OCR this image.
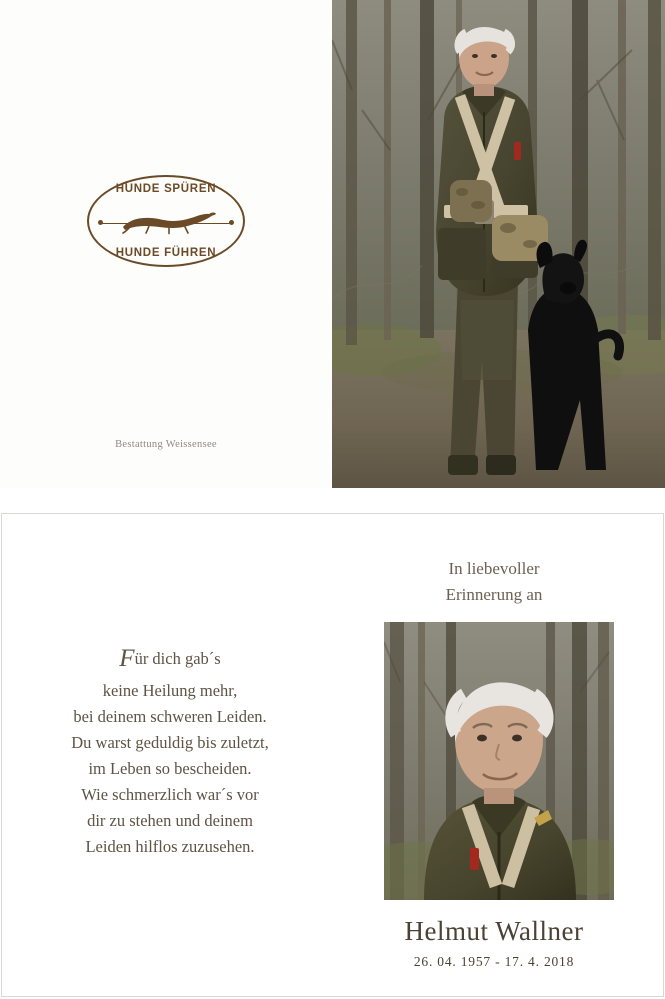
HUNDE SPÜREN
HUNDE FÜHREN
Bestattung Weissensee
In liebevoller
Erinnerung an
Für dich gab´s
keine Heilung mehr,
bei deinem schweren Leiden.
Du warst geduldig bis zuletzt,
im Leben so bescheiden.
Wie schmerzlich war´s vor
dir zu stehen und deinem
Leiden hilflos zuzusehen.
Helmut Wallner
26. 04. 1957 - 17. 4. 2018
